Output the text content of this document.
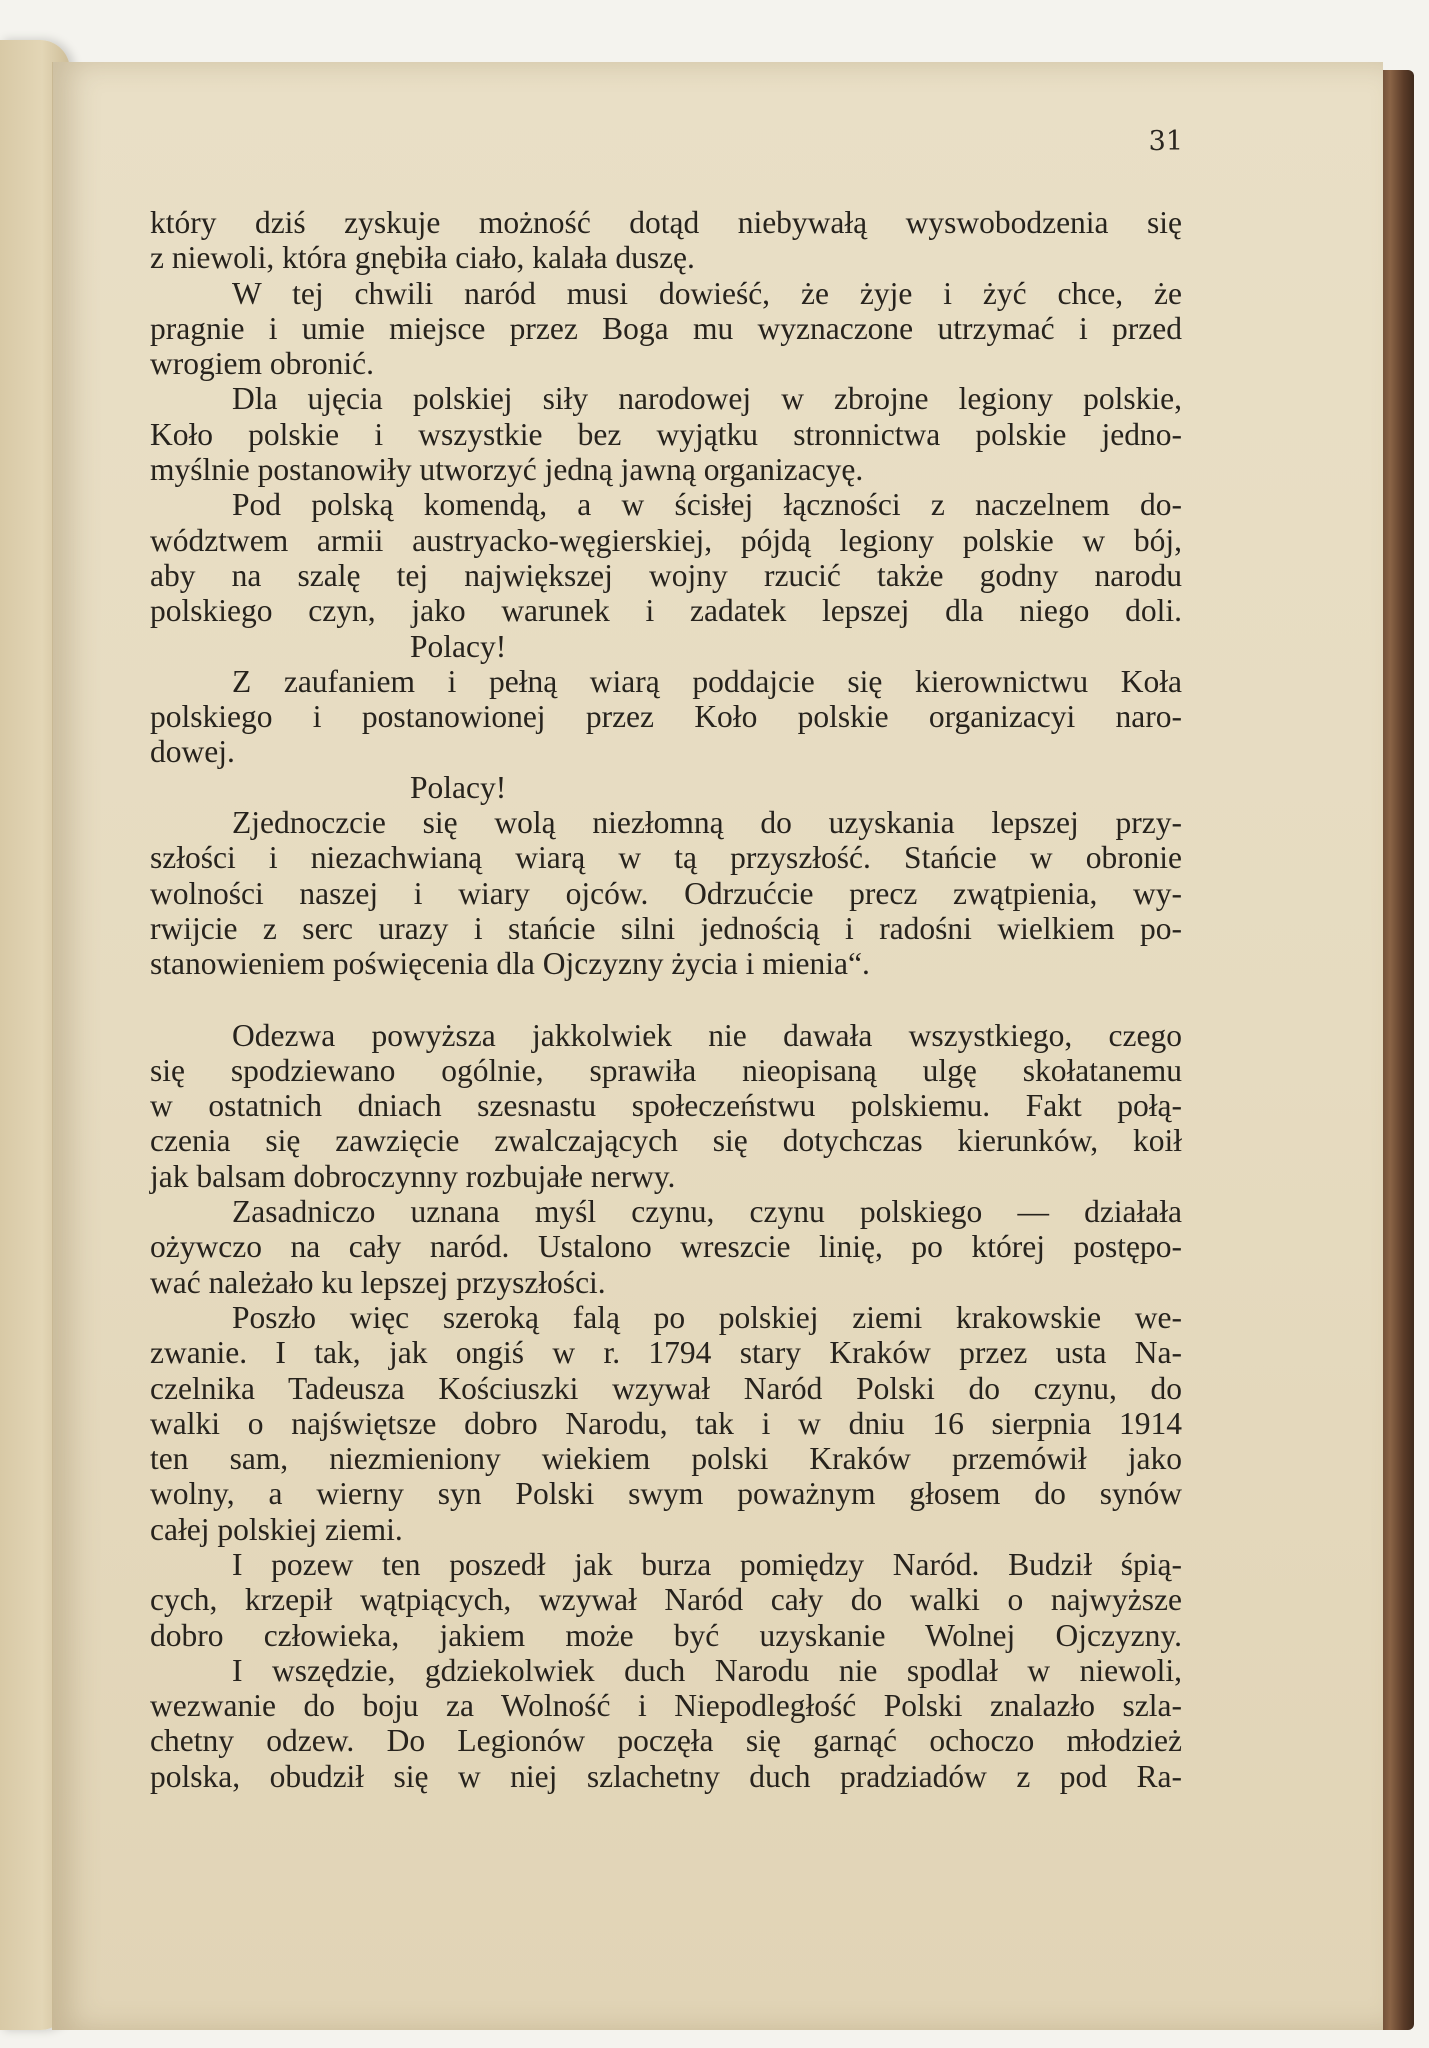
31

który dziś zyskuje możność dotąd niebywałą wyswobodzenia się

z niewoli, która gnębiła ciało, kalała duszę.

W tej chwili naród musi dowieść, że żyje i żyć chce, że

pragnie i umie miejsce przez Boga mu wyznaczone utrzymać i przed

wrogiem obronić.

Dla ujęcia polskiej siły narodowej w zbrojne legiony polskie,

Koło polskie i wszystkie bez wyjątku stronnictwa polskie jedno-

myślnie postanowiły utworzyć jedną jawną organizacyę.

Pod polską komendą, a w ścisłej łączności z naczelnem do-

wództwem armii austryacko-węgierskiej, pójdą legiony polskie w bój,

aby na szalę tej największej wojny rzucić także godny narodu

polskiego czyn, jako warunek i zadatek lepszej dla niego doli.

Polacy!

Z zaufaniem i pełną wiarą poddajcie się kierownictwu Koła

polskiego i postanowionej przez Koło polskie organizacyi naro-

dowej.

Polacy!

Zjednoczcie się wolą niezłomną do uzyskania lepszej przy-

szłości i niezachwianą wiarą w tą przyszłość. Stańcie w obronie

wolności naszej i wiary ojców. Odrzućcie precz zwątpienia, wy-

rwijcie z serc urazy i stańcie silni jednością i radośni wielkiem po-

stanowieniem poświęcenia dla Ojczyzny życia i mienia“.

Odezwa powyższa jakkolwiek nie dawała wszystkiego, czego

się spodziewano ogólnie, sprawiła nieopisaną ulgę skołatanemu

w ostatnich dniach szesnastu społeczeństwu polskiemu. Fakt połą-

czenia się zawzięcie zwalczających się dotychczas kierunków, koił

jak balsam dobroczynny rozbujałe nerwy.

Zasadniczo uznana myśl czynu, czynu polskiego — działała

ożywczo na cały naród. Ustalono wreszcie linię, po której postępo-

wać należało ku lepszej przyszłości.

Poszło więc szeroką falą po polskiej ziemi krakowskie we-

zwanie. I tak, jak ongiś w r. 1794 stary Kraków przez usta Na-

czelnika Tadeusza Kościuszki wzywał Naród Polski do czynu, do

walki o najświętsze dobro Narodu, tak i w dniu 16 sierpnia 1914

ten sam, niezmieniony wiekiem polski Kraków przemówił jako

wolny, a wierny syn Polski swym poważnym głosem do synów

całej polskiej ziemi.

I pozew ten poszedł jak burza pomiędzy Naród. Budził śpią-

cych, krzepił wątpiących, wzywał Naród cały do walki o najwyższe

dobro człowieka, jakiem może być uzyskanie Wolnej Ojczyzny.

I wszędzie, gdziekolwiek duch Narodu nie spodlał w niewoli,

wezwanie do boju za Wolność i Niepodległość Polski znalazło szla-

chetny odzew. Do Legionów poczęła się garnąć ochoczo młodzież

polska, obudził się w niej szlachetny duch pradziadów z pod Ra-
